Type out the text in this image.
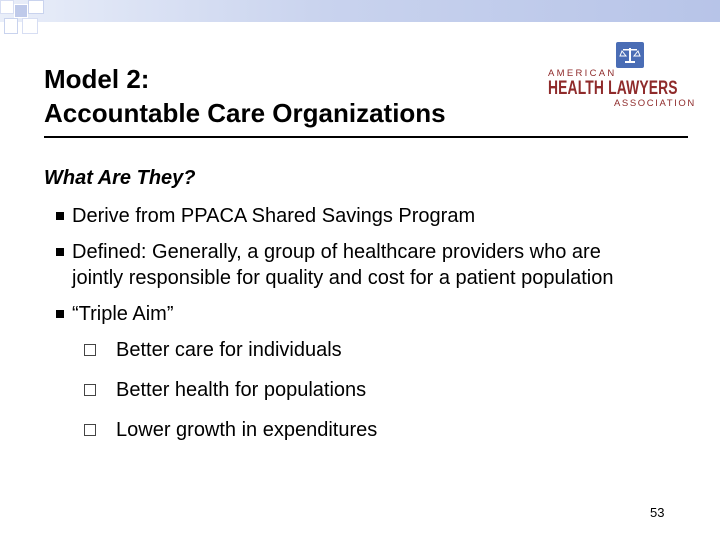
Model 2:
Accountable Care Organizations
AMERICAN
HEALTH LAWYERS
ASSOCIATION
What Are They?
Derive from PPACA Shared Savings Program
Defined: Generally, a group of healthcare providers who are jointly responsible for quality and cost for a patient population
“Triple Aim”
Better care for individuals
Better health for populations
Lower growth in expenditures
53
